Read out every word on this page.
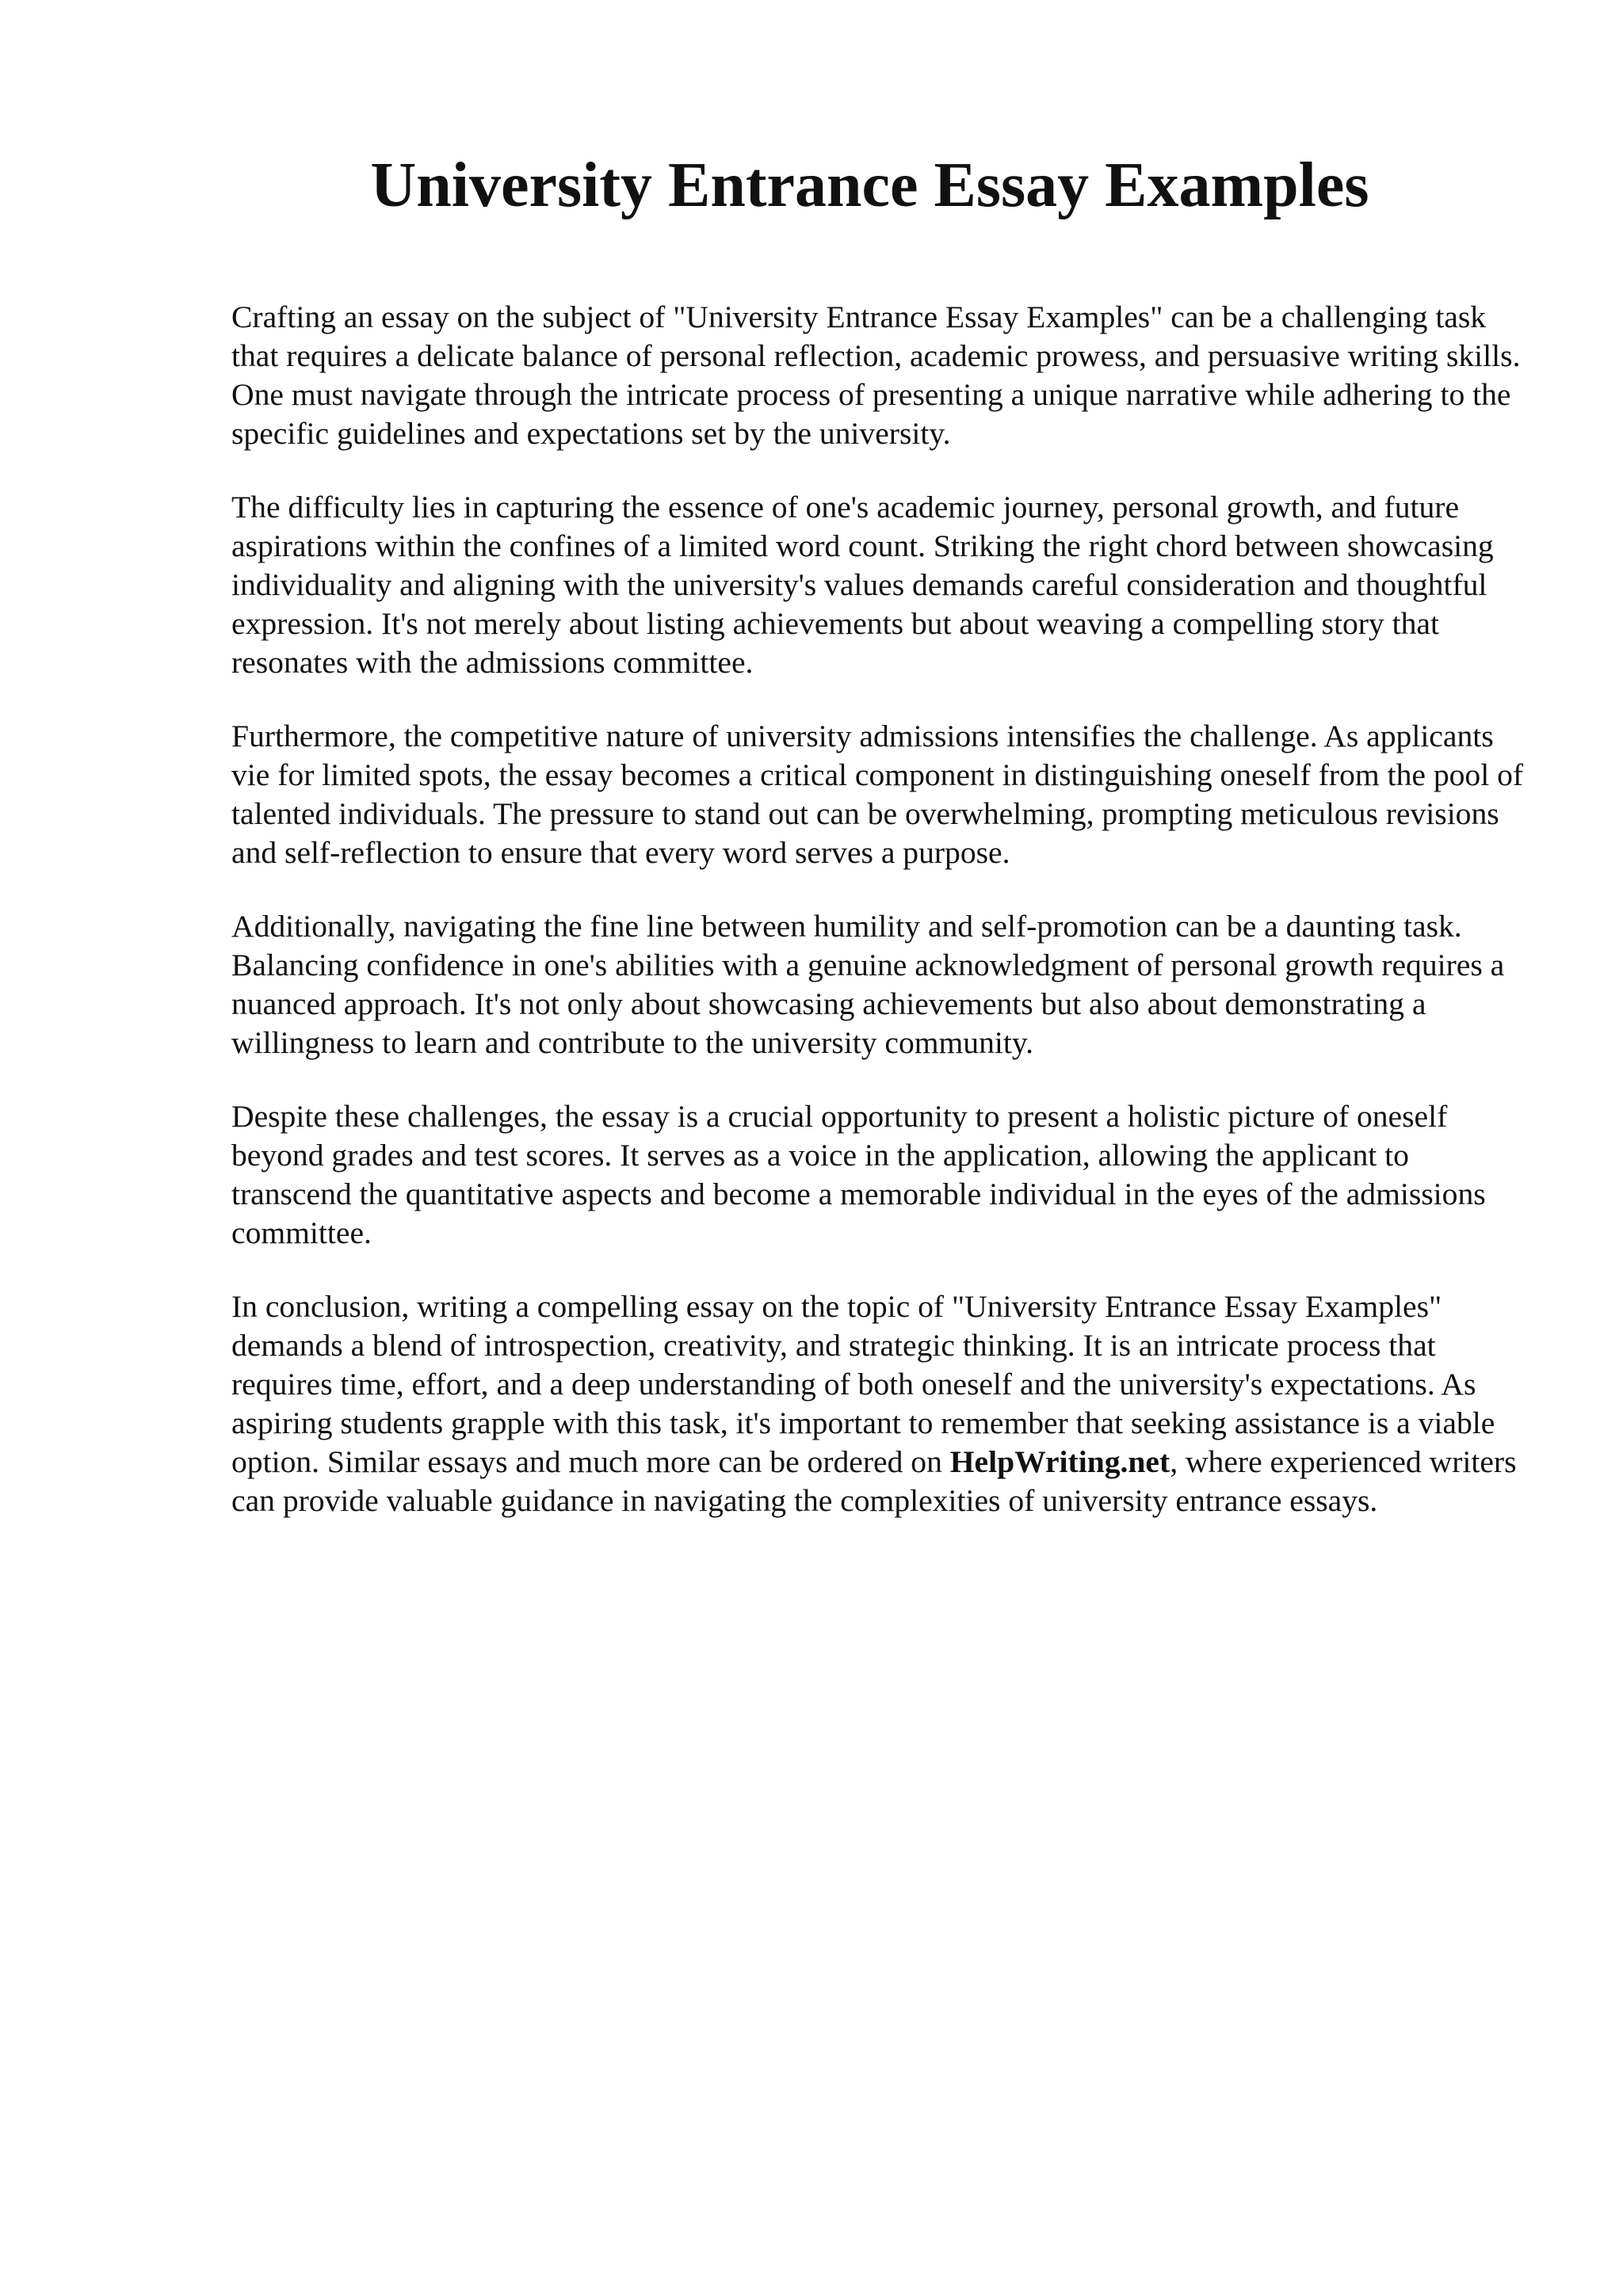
University Entrance Essay Examples

Crafting an essay on the subject of "University Entrance Essay Examples" can be a challenging task that requires a delicate balance of personal reflection, academic prowess, and persuasive writing skills. One must navigate through the intricate process of presenting a unique narrative while adhering to the specific guidelines and expectations set by the university.

The difficulty lies in capturing the essence of one's academic journey, personal growth, and future aspirations within the confines of a limited word count. Striking the right chord between showcasing individuality and aligning with the university's values demands careful consideration and thoughtful expression. It's not merely about listing achievements but about weaving a compelling story that resonates with the admissions committee.

Furthermore, the competitive nature of university admissions intensifies the challenge. As applicants vie for limited spots, the essay becomes a critical component in distinguishing oneself from the pool of talented individuals. The pressure to stand out can be overwhelming, prompting meticulous revisions and self-reflection to ensure that every word serves a purpose.

Additionally, navigating the fine line between humility and self-promotion can be a daunting task. Balancing confidence in one's abilities with a genuine acknowledgment of personal growth requires a nuanced approach. It's not only about showcasing achievements but also about demonstrating a willingness to learn and contribute to the university community.

Despite these challenges, the essay is a crucial opportunity to present a holistic picture of oneself beyond grades and test scores. It serves as a voice in the application, allowing the applicant to transcend the quantitative aspects and become a memorable individual in the eyes of the admissions committee.

In conclusion, writing a compelling essay on the topic of "University Entrance Essay Examples" demands a blend of introspection, creativity, and strategic thinking. It is an intricate process that requires time, effort, and a deep understanding of both oneself and the university's expectations. As aspiring students grapple with this task, it's important to remember that seeking assistance is a viable option. Similar essays and much more can be ordered on HelpWriting.net, where experienced writers can provide valuable guidance in navigating the complexities of university entrance essays.
